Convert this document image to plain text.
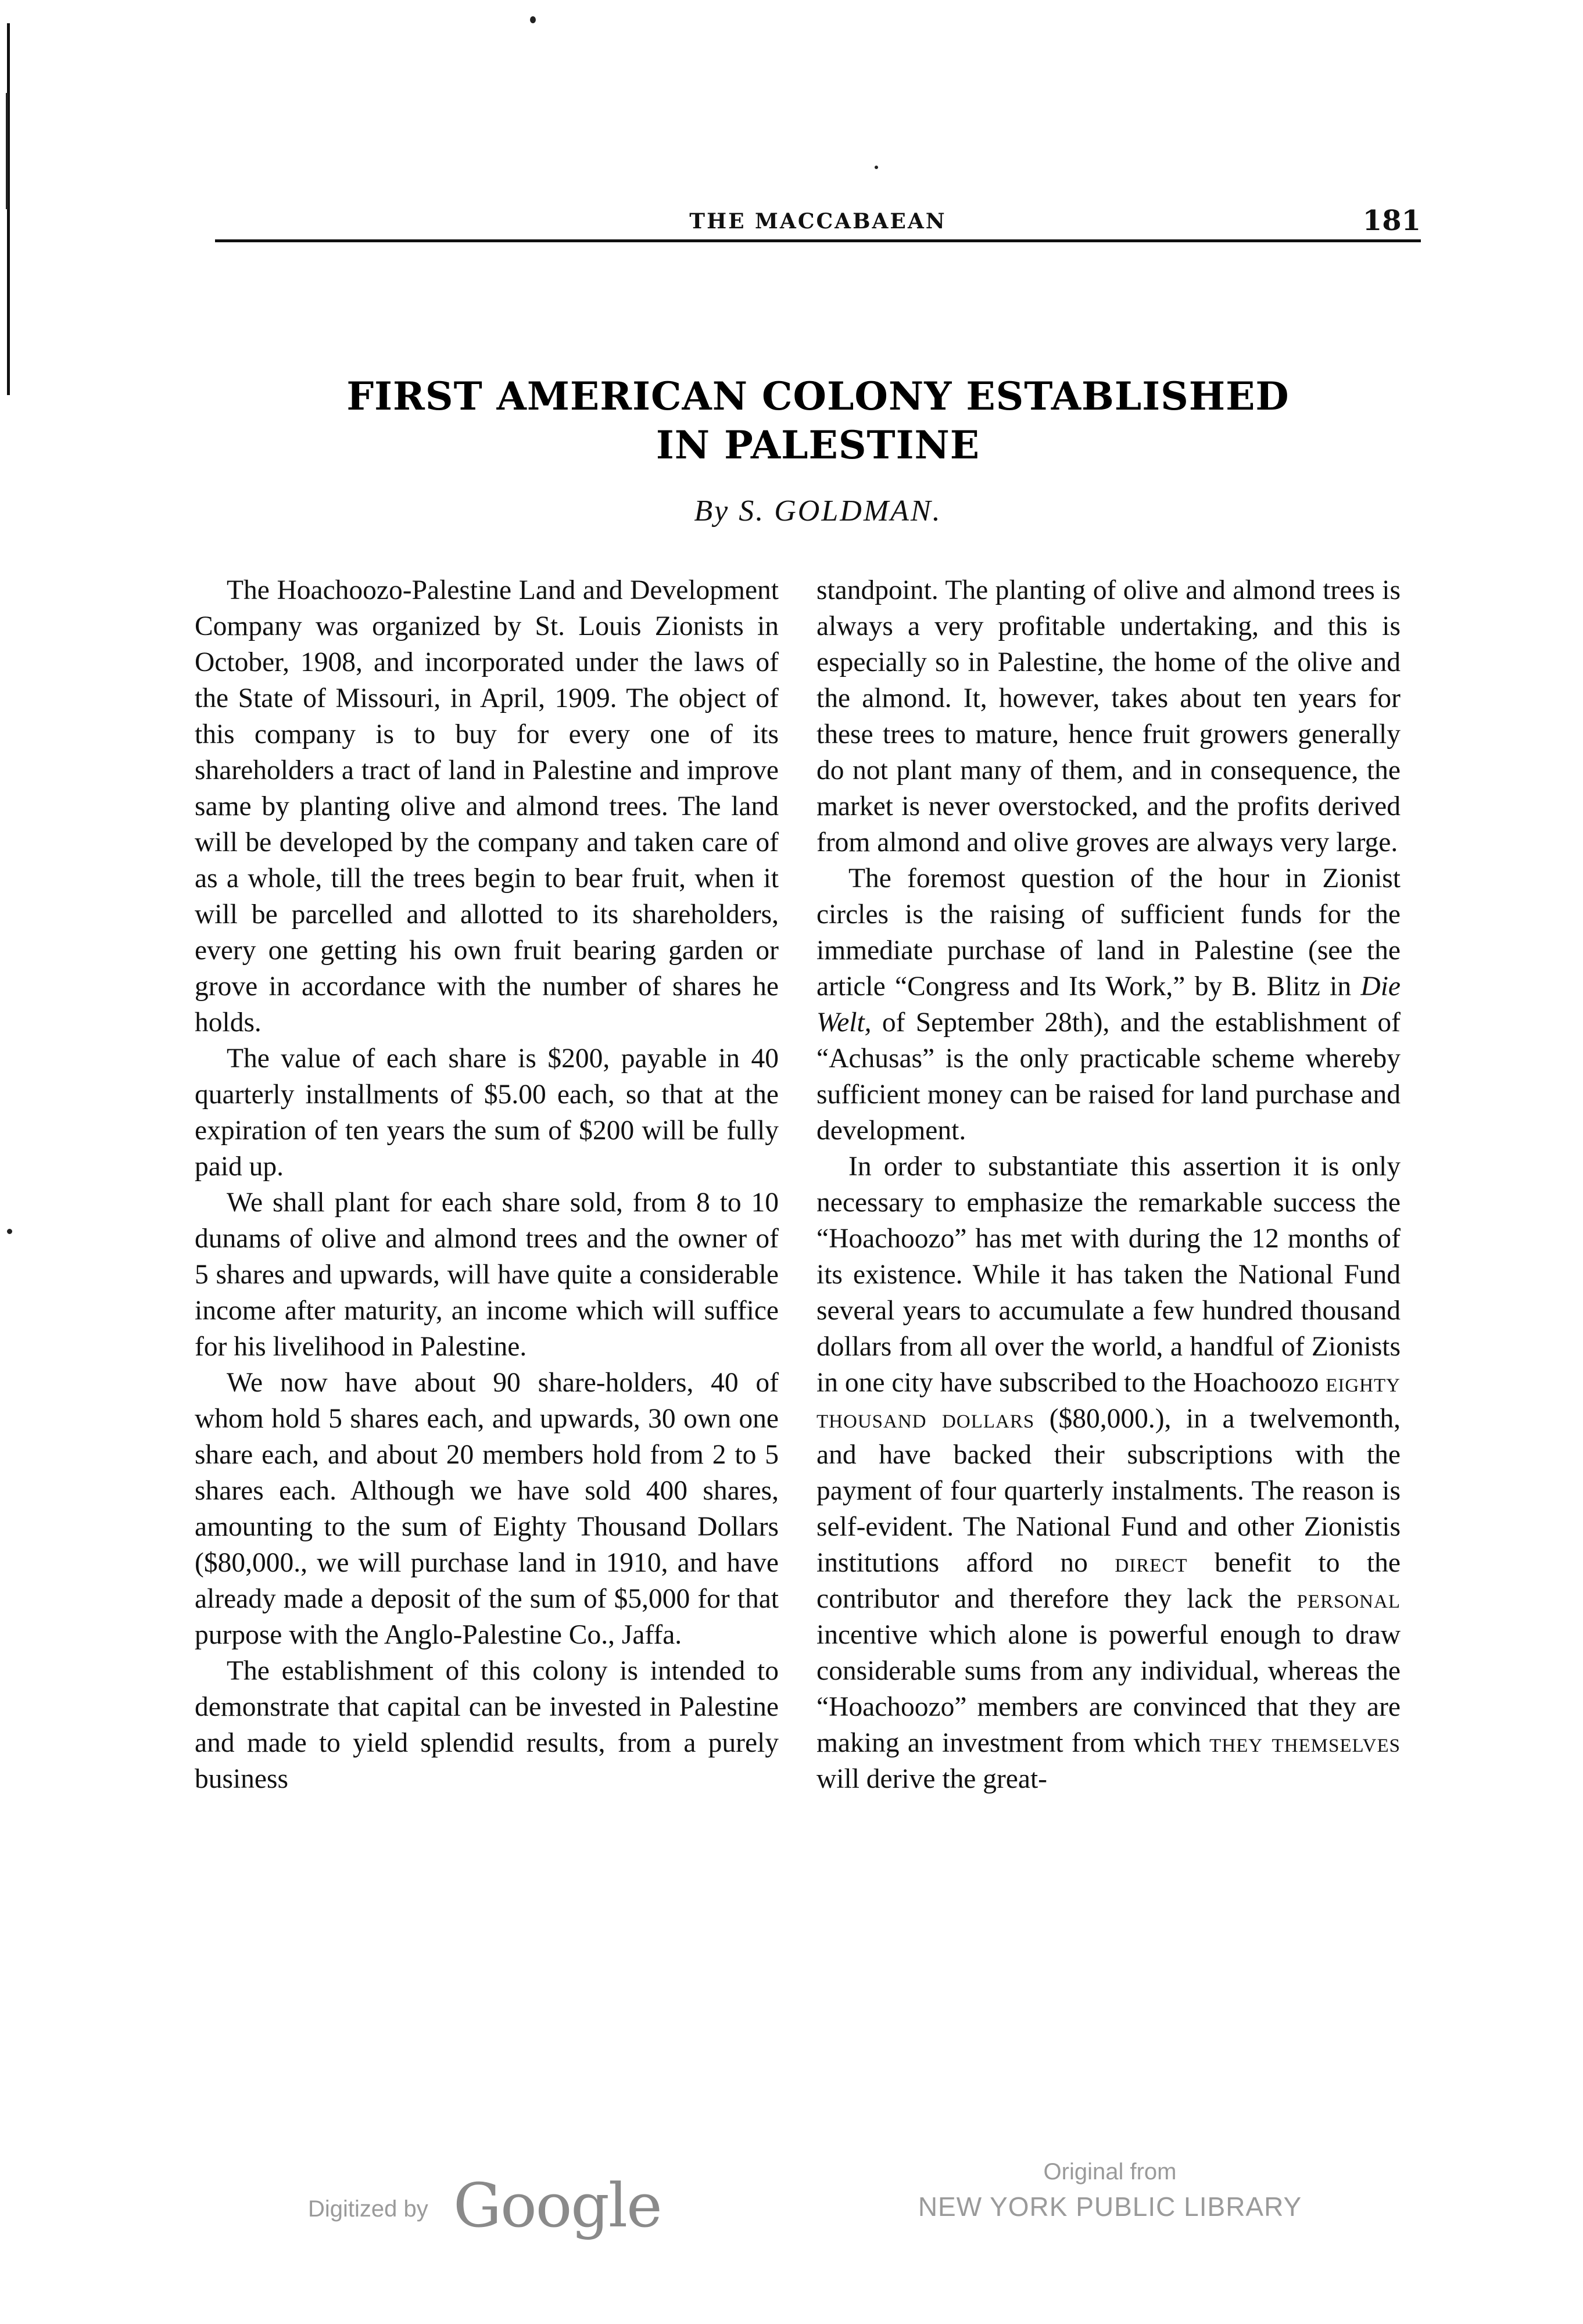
THE MACCABAEAN	181
FIRST AMERICAN COLONY ESTABLISHED
IN PALESTINE
By S. GOLDMAN.

The Hoachoozo-Palestine Land and Development Company was organized by St. Louis Zionists in October, 1908, and incorporated under the laws of the State of Missouri, in April, 1909. The object of this company is to buy for every one of its shareholders a tract of land in Palestine and improve same by planting olive and almond trees. The land will be developed by the company and taken care of as a whole, till the trees begin to bear fruit, when it will be parcelled and allotted to its shareholders, every one getting his own fruit bearing garden or grove in accordance with the number of shares he holds.

The value of each share is $200, payable in 40 quarterly installments of $5.00 each, so that at the expiration of ten years the sum of $200 will be fully paid up.

We shall plant for each share sold, from 8 to 10 dunams of olive and almond trees and the owner of 5 shares and upwards, will have quite a considerable income after maturity, an income which will suffice for his livelihood in Palestine.

We now have about 90 share-holders, 40 of whom hold 5 shares each, and upwards, 30 own one share each, and about 20 members hold from 2 to 5 shares each. Although we have sold 400 shares, amounting to the sum of Eighty Thousand Dollars ($80,000., we will purchase land in 1910, and have already made a deposit of the sum of $5,000 for that purpose with the Anglo-Palestine Co., Jaffa.

The establishment of this colony is intended to demonstrate that capital can be invested in Palestine and made to yield splendid results, from a purely business

standpoint. The planting of olive and almond trees is always a very profitable undertaking, and this is especially so in Palestine, the home of the olive and the almond. It, however, takes about ten years for these trees to mature, hence fruit growers generally do not plant many of them, and in consequence, the market is never overstocked, and the profits derived from almond and olive groves are always very large.

The foremost question of the hour in Zionist circles is the raising of sufficient funds for the immediate purchase of land in Palestine (see the article “Congress and Its Work,” by B. Blitz in Die Welt, of September 28th), and the establishment of “Achusas” is the only practicable scheme whereby sufficient money can be raised for land purchase and development.

In order to substantiate this assertion it is only necessary to emphasize the remarkable success the “Hoachoozo” has met with during the 12 months of its existence. While it has taken the National Fund several years to accumulate a few hundred thousand dollars from all over the world, a handful of Zionists in one city have subscribed to the Hoachoozo eighty thousand dollars ($80,000.), in a twelvemonth, and have backed their subscriptions with the payment of four quarterly instalments. The reason is self-evident. The National Fund and other Zionistis institutions afford no direct benefit to the contributor and therefore they lack the personal incentive which alone is powerful enough to draw considerable sums from any individual, whereas the “Hoachoozo” members are convinced that they are making an investment from which they themselves will derive the great-

Digitized by Google	Original from
NEW YORK PUBLIC LIBRARY
